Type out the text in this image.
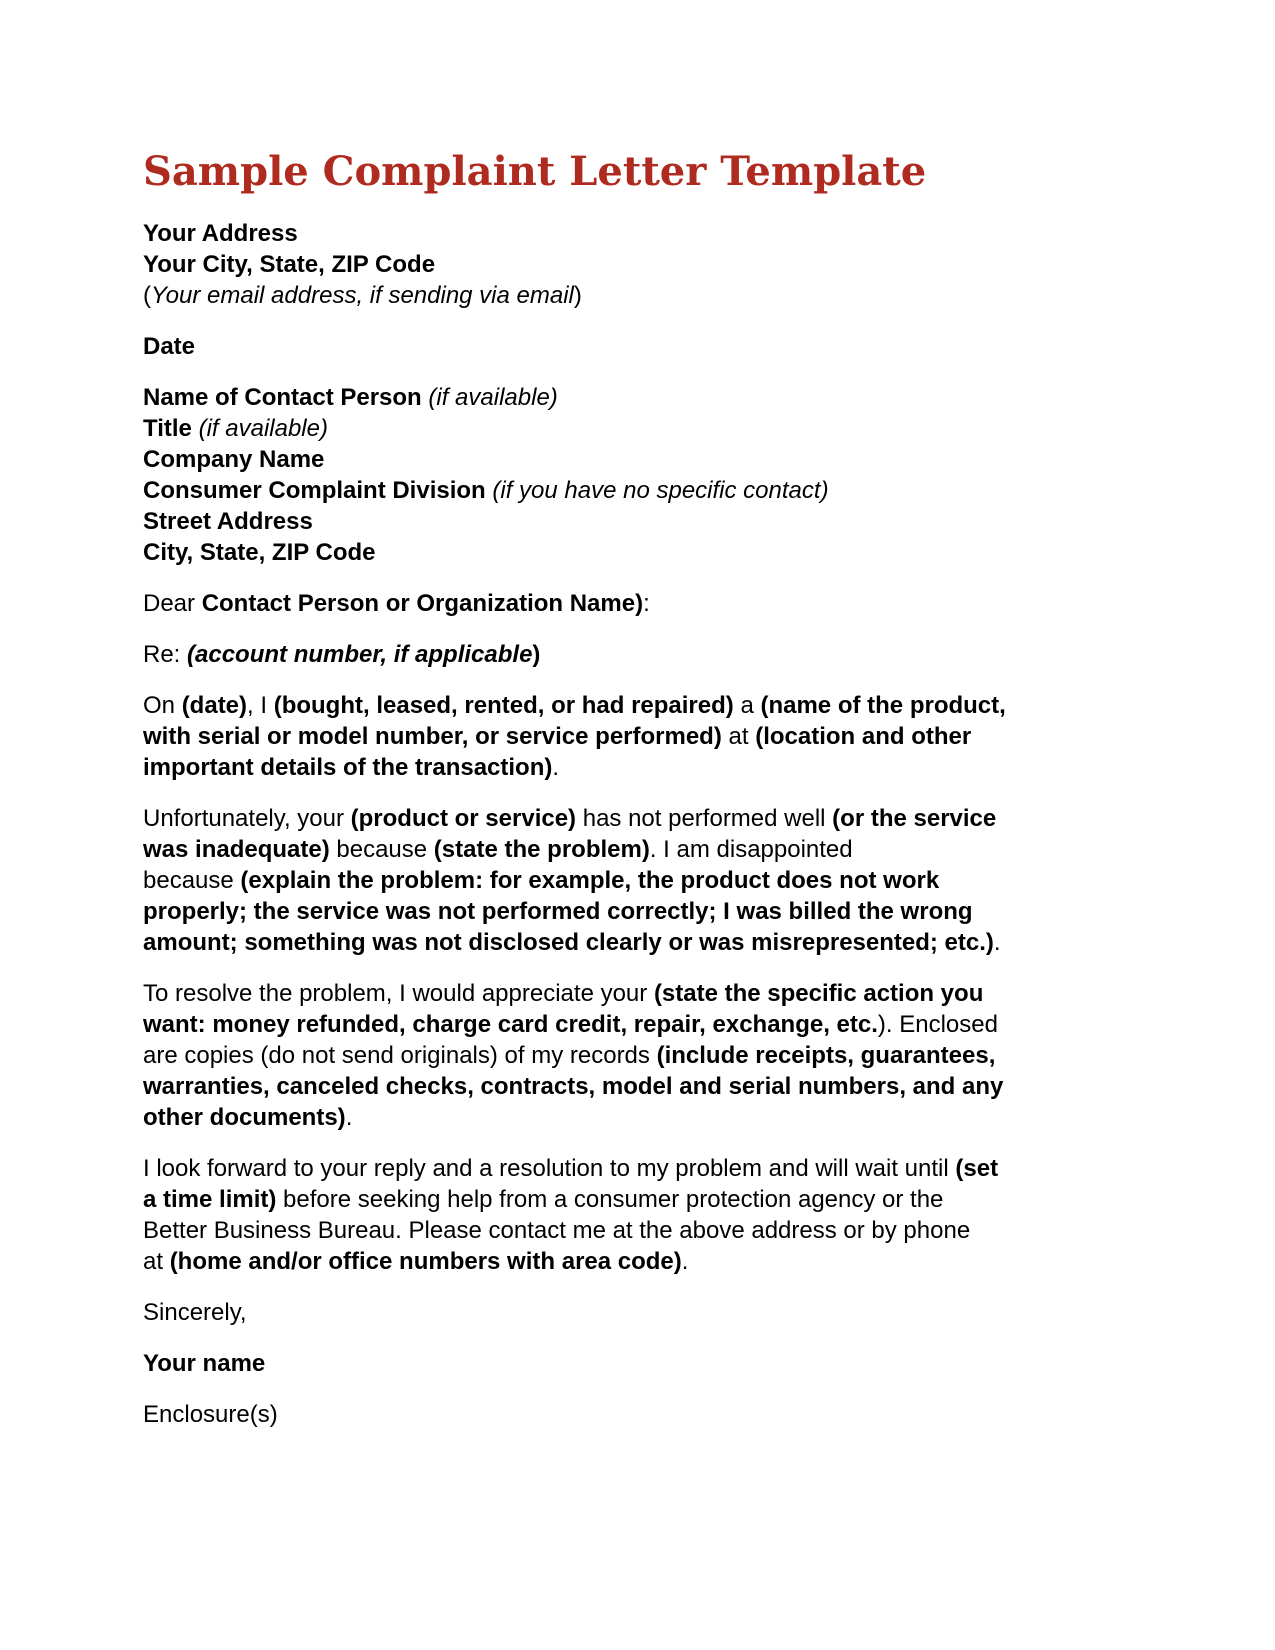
Sample Complaint Letter Template

Your Address
Your City, State, ZIP Code
(Your email address, if sending via email)

Date

Name of Contact Person (if available)
Title (if available)
Company Name
Consumer Complaint Division (if you have no specific contact)
Street Address
City, State, ZIP Code

Dear Contact Person or Organization Name):

Re: (account number, if applicable)

On (date), I (bought, leased, rented, or had repaired) a (name of the product,
with serial or model number, or service performed) at (location and other
important details of the transaction).

Unfortunately, your (product or service) has not performed well (or the service
was inadequate) because (state the problem). I am disappointed
because (explain the problem: for example, the product does not work
properly; the service was not performed correctly; I was billed the wrong
amount; something was not disclosed clearly or was misrepresented; etc.).

To resolve the problem, I would appreciate your (state the specific action you
want: money refunded, charge card credit, repair, exchange, etc.). Enclosed
are copies (do not send originals) of my records (include receipts, guarantees,
warranties, canceled checks, contracts, model and serial numbers, and any
other documents).

I look forward to your reply and a resolution to my problem and will wait until (set
a time limit) before seeking help from a consumer protection agency or the
Better Business Bureau. Please contact me at the above address or by phone
at (home and/or office numbers with area code).

Sincerely,

Your name

Enclosure(s)
